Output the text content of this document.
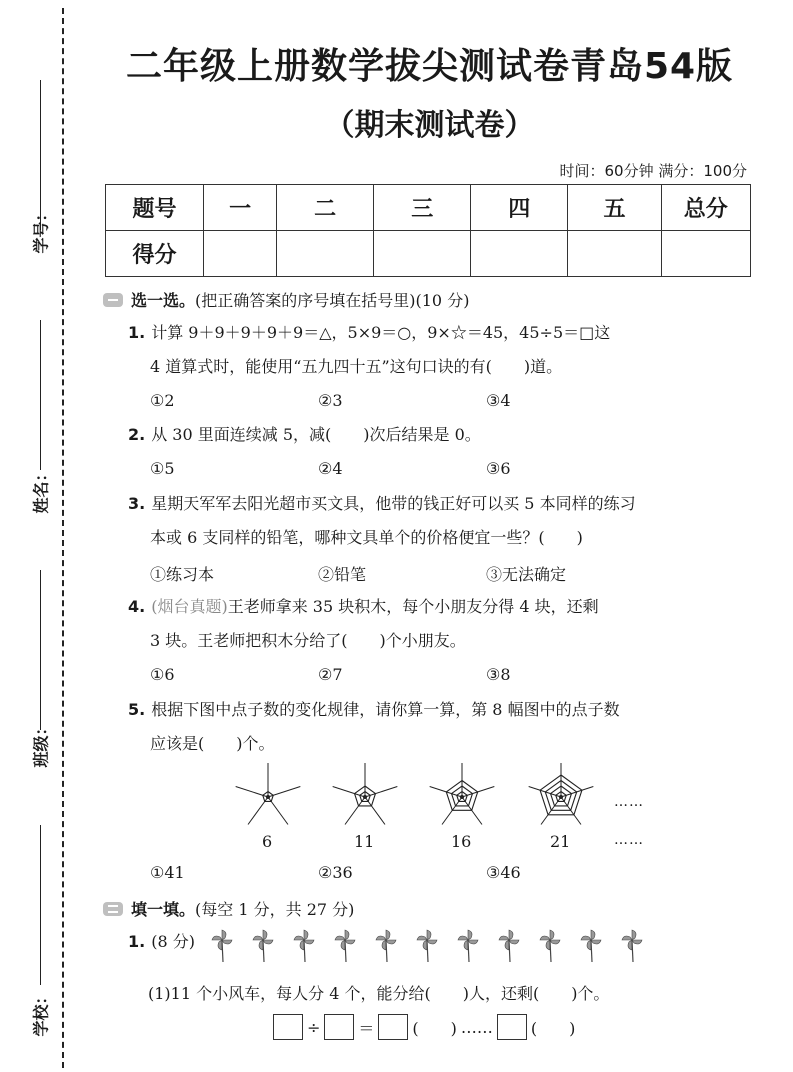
学号：
姓名：
班级：
学校：
二年级上册数学拔尖测试卷青岛54版
（期末测试卷）
时间：60分钟 满分：100分
题号	一	二	三	四	五	总分
得分						
选一选。 (把正确答案的序号填在括号里)(10 分)
1. 计算 9＋9＋9＋9＋9＝△，5×9＝○，9×☆＝45，45÷5＝□这
4 道算式时，能使用“五九四十五”这句口诀的有(　　)道。
①2	②3	③4
2. 从 30 里面连续减 5，减(　　)次后结果是 0。
①5	②4	③6
3. 星期天军军去阳光超市买文具，他带的钱正好可以买 5 本同样的练习
本或 6 支同样的铅笔，哪种文具单个的价格便宜一些？(　　)
①练习本	②铅笔	③无法确定
4. (烟台真题)王老师拿来 35 块积木，每个小朋友分得 4 块，还剩
3 块。王老师把积木分给了(　　)个小朋友。
①6	②7	③8
5. 根据下图中点子数的变化规律，请你算一算，第 8 幅图中的点子数
应该是(　　)个。
6	11	16	21
……
……
①41	②36	③46
填一填。 (每空 1 分，共 27 分)
1. (8 分)
(1)11 个小风车，每人分 4 个，能分给(　　)人，还剩(　　)个。
÷ ＝ (　　) …… (　　)
